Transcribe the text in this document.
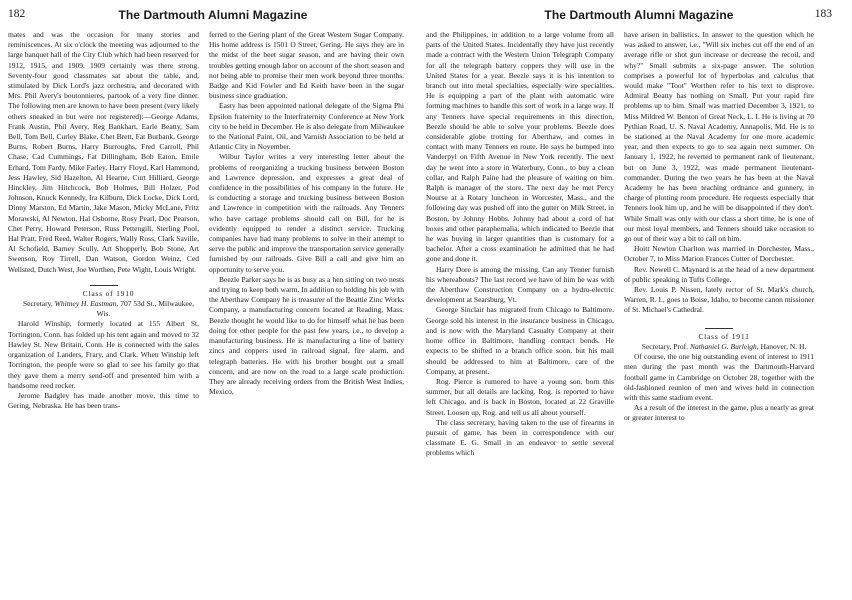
182	The Dartmouth Alumni Magazine

mates and was the occasion for many stories and reminiscences. At six o'clock the meeting was adjourned to the large banquet hall of the City Club which had been reserved for 1912, 1915, and 1909. 1909 certainly was there strong. Seventy-four good classmates sat about the table, and, stimulated by Dick Lord's jazz orchestra, and decorated with Mrs. Phil Avery's boutonnieres, partook of a very fine dinner. The following men are known to have been present (very likely others sneaked in but were not registered):—George Adams, Frank Austin, Phil Avery, Reg Bankhart, Earle Beatty, Sam Bell, Tom Bell, Curley Blake, Chet Brett, Fat Burbank, George Burns, Robert Burns, Harry Burroughs, Fred Carroll, Phil Chase, Cad Cummings, Fat Dillingham, Bob Eaton, Emile Erhard, Tom Fardy, Mike Farley, Harry Floyd, Karl Hammond, Jess Hawley, Sid Hazelton, Al Hearne, Curt Hilliard, George Hinckley, Jim Hitchcock, Bob Holmes, Bill Holzer, Pod Johnson, Knuck Kennedy, Ira Kilburn, Dick Locke, Dick Lord, Dinny Marston, Ed Martin, Jake Mason, Micky McLane, Fritz Morawski, Al Newton, Hal Osborne, Rosy Pearl, Doc Pearson, Chet Perry, Howard Peterson, Russ Pettengill, Sterling Pool, Hal Pratt, Fred Reed, Walter Rogers, Wally Ross, Clark Saville, Al Schofield, Barney Scully, Art Shopperly, Bob Stone, Art Swenson, Roy Tirrell, Dan Watson, Gordon Weinz, Ced Wellsted, Dutch West, Joe Worthen, Pete Wight, Louis Wright.

Class of 1910

Secretary, Whitney H. Eastman, 707 53d St., Milwaukee, Wis.

Harold Winship, formerly located at 155 Albert St, Torrington, Conn. has folded up his tent again and moved to 32 Hawley St. New Britain, Conn. He is connected with the sales organization of Landers, Frary, and Clark. When Winship left Torrington, the people were so glad to see his family go that they gave them a merry send-off and presented him with a handsome reed rocker.

Jerome Badgley has made another move, this time to Gering, Nebraska. He has been trans-

ferred to the Gering plant of the Great Western Sugar Company. His home address is 1501 O Street, Gering. He says they are in the midst of the beet sugar season, and are having their own troubles getting enough labor on account of the short season and not being able to promise their men work beyond three months. Badge and Kid Fowler and Ed Keith have been in the sugar business since graduation.

Easty has been appointed national delegate of the Sigma Phi Epsilon fraternity to the Interfraternity Conference at New York city to be held in December. He is also delegate from Milwaukee to the National Paint, Oil, and Varnish Association to be held at Atlantic City in November.

Wilbur Taylor writes a very interesting letter about the problems of reorganizing a trucking business between Boston and Lawrence depression, and expresses a great deal of confidence in the possibilities of his company in the future. He is conducting a storage and trucking business between Boston and Lawrence in competition with the railroads. Any Tenners who have cartage problems should call on Bill, for he is evidently equipped to render a distinct service. Trucking companies have had many problems to solve in their attempt to serve the public and improve the transportation service generally furnished by our railroads. Give Bill a call and give him an opportunity to serve you.

Beezle Parker says he is as busy as a hen sitting on two nests and trying to keep both warm. In addition to holding his job with the Aberthaw Company he is treasurer of the Beattie Zinc Works Company, a manufacturing concern located at Reading, Mass. Beezle thought he would like to do for himself what he has been doing for other people for the past few years, i.e., to develop a manufacturing business. He is manufacturing a line of battery zincs and coppers used in railroad signal, fire alarm, and telegraph batteries. He with his brother bought out a small concern, and are now on the road to a large scale production. They are already receiving orders from the British West Indies, Mexico,

The Dartmouth Alumni Magazine	183

and the Philippines, in addition to a large volume from all parts of the United States. Incidentally they have just recently made a contract with the Western Union Telegraph Company for all the telegraph battery coppers they will use in the United States for a year. Beezle says it is his intention to branch out into metal specialties, especially wire specialties. He is equipping a part of the plant with automatic wire forming machines to handle this sort of work in a large way. If any Tenners have special requirements in this direction, Beezle should be able to solve your problems. Beezle does considerable globe trotting for Aberthaw, and comes in contact with many Tenners en route. He says he bumped into Vanderpyl on Fifth Avenue in New York recently. The next day he went into a store in Waterbury, Conn., to buy a clean collar, and Ralph Paine had the pleasure of waiting on him. Ralph is manager of the store. The next day he met Percy Nourse at a Rotary luncheon in Worcester, Mass., and the following day was pushed off into the gutter on Milk Street, in Boston, by Johnny Hobbs. Johnny had about a cord of hat boxes and other paraphernalia, which indicated to Beezle that he was buying in larger quantities than is customary for a bachelor. After a cross examination he admitted that he had gone and done it.

Harry Dore is among the missing. Can any Tenner furnish his whereabouts? The last record we have of him he was with the Aberthaw Construction Company on a hydro-electric development at Searsburg, Vt.

George Sinclair has migrated from Chicago to Baltimore. George sold his interest in the insurance business in Chicago, and is now with the Maryland Casualty Company at their home office in Baltimore, handling contract bonds. He expects to be shifted to a branch office soon, but his mail should be addressed to him at Baltimore, care of the Company, at present.

Rog. Pierce is rumored to have a young son, born this summer, but all details are lacking. Rog. is reported to have left Chicago, and is back in Boston, located at 22 Graville Street. Loosen up, Rog. and tell us all about yourself.

The class secretary, having taken to the use of firearms in pursuit of game, has been in correspondence with our classmate E. G. Small in an endeavor to settle several problems which

have arisen in ballistics. In answer to the question which he was asked to answer, i.e., "Will six inches cut off the end of an average rifle or shot gun increase or decrease the recoil, and why?" Small submits a six-page answer. The solution comprises a powerful lot of hyperbolas and calculus that would make "Toot" Worthen refer to his text to disprove. Admiral Beatty has nothing on Small. Put your rapid fire problems up to him. Small was married December 3, 1921, to Miss Mildred W. Benton of Great Neck, L. I. He is living at 70 Pythian Road, U. S. Naval Academy, Annapolis, Md. He is to be stationed at the Naval Academy for one more academic year, and then expects to go to sea again next summer. On January 1, 1922, he reverted to permanent rank of lieutenant, but on June 3, 1922, was made permanent lieutenant-commander. During the two years he has been at the Naval Academy he has been teaching ordnance and gunnery, in charge of plotting room procedure. He requests especially that Tenners look him up, and he will be disappointed if they don't. While Small was only with our class a short time, he is one of our most loyal members, and Tenners should take occasion to go out of their way a bit to call on him.

Hoitt Newton Charlton was married in Dorchester, Mass., October 7, to Miss Marion Frances Cutter of Dorchester.

Rev. Newell C. Maynard is at the head of a new department of public speaking in Tufts College.

Rev. Louis P. Nissen, lately rector of St. Mark's church, Warren, R. I., goes to Boise, Idaho, to become canon missioner of St. Michael's Cathedral.

Class of 1911

Secretary, Prof. Nathaniel G. Burleigh, Hanover, N. H.

Of course, the one big outstanding event of interest to 1911 men during the past month was the Dartmouth-Harvard football game in Cambridge on October 28, together with the old-fashioned reunion of men and wives held in connection with this same stadium event.

As a result of the interest in the game, plus a nearly as great or greater interest to
